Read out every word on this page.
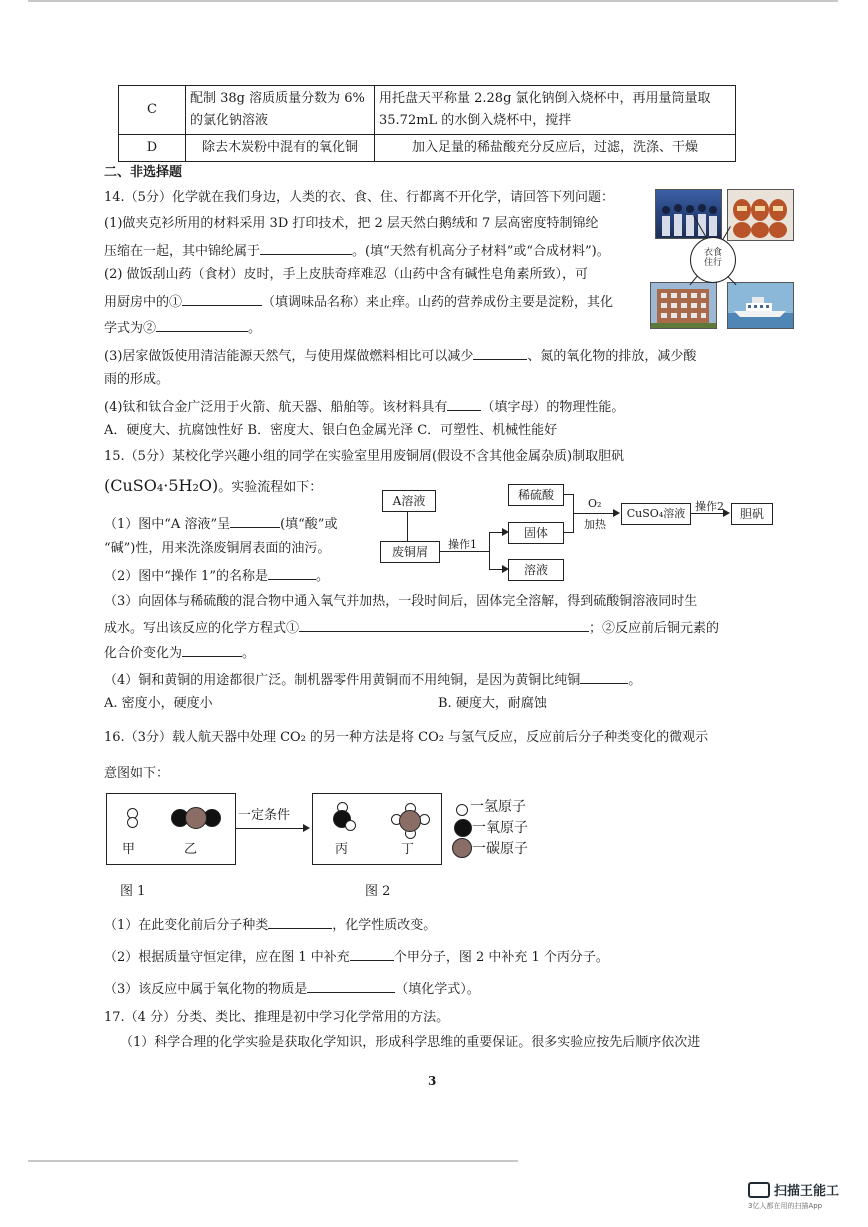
C	配制 38g 溶质质量分数为 6%的氯化钠溶液	用托盘天平称量 2.28g 氯化钠倒入烧杯中，再用量筒量取 35.72mL 的水倒入烧杯中，搅拌
D	除去木炭粉中混有的氧化铜	加入足量的稀盐酸充分反应后，过滤，洗涤、干燥
二、非选择题
14.（5分）化学就在我们身边，人类的衣、食、住、行都离不开化学，请回答下列问题：
(1)做夹克衫所用的材料采用 3D 打印技术，把 2 层天然白鹅绒和 7 层高密度特制锦纶
压缩在一起，其中锦纶属于	。(填“天然有机高分子材料”或“合成材料”)。
(2) 做饭刮山药（食材）皮时，手上皮肤奇痒难忍（山药中含有碱性皂角素所致），可
用厨房中的①	（填调味品名称）来止痒。山药的营养成份主要是淀粉，其化
学式为②	。
(3)居家做饭使用清洁能源天然气，与使用煤做燃料相比可以减少	、氮的氧化物的排放，减少酸
雨的形成。
(4)钛和钛合金广泛用于火箭、航天器、船舶等。该材料具有	（填字母）的物理性能。
A．硬度大、抗腐蚀性好 B．密度大、银白色金属光泽 C．可塑性、机械性能好
衣食住行
15.（5分）某校化学兴趣小组的同学在实验室里用废铜屑(假设不含其他金属杂质)制取胆矾
(CuSO₄·5H₂O)。实验流程如下：
（1）图中“A 溶液”呈	(填“酸”或
“碱”)性，用来洗涤废铜屑表面的油污。
（2）图中“操作 1”的名称是	。
（3）向固体与稀硫酸的混合物中通入氧气并加热，一段时间后，固体完全溶解，得到硫酸铜溶液同时生
成水。写出该反应的化学方程式①	；②反应前后铜元素的
化合价变化为	。
（4）铜和黄铜的用途都很广泛。制机器零件用黄铜而不用纯铜，是因为黄铜比纯铜	。
A. 密度小，硬度小	B. 硬度大，耐腐蚀
A溶液
废铜屑
操作1
稀硫酸
固体
溶液
O₂
加热
CuSO₄溶液
操作2
胆矾
16.（3分）载人航天器中处理 CO₂ 的另一种方法是将 CO₂ 与氢气反应，反应前后分子种类变化的微观示
意图如下：
甲	乙
一定条件
丙	丁
一氢原子
一氧原子
一碳原子
图 1	图 2
（1）在此变化前后分子种类	，化学性质改变。
（2）根据质量守恒定律，应在图 1 中补充	个甲分子，图 2 中补充 1 个丙分子。
（3）该反应中属于氧化物的物质是	（填化学式）。
17.（4 分）分类、类比、推理是初中学习化学常用的方法。
（1）科学合理的化学实验是获取化学知识，形成科学思维的重要保证。很多实验应按先后顺序依次进
3
扫描王能工
3亿人都在用的扫描App
